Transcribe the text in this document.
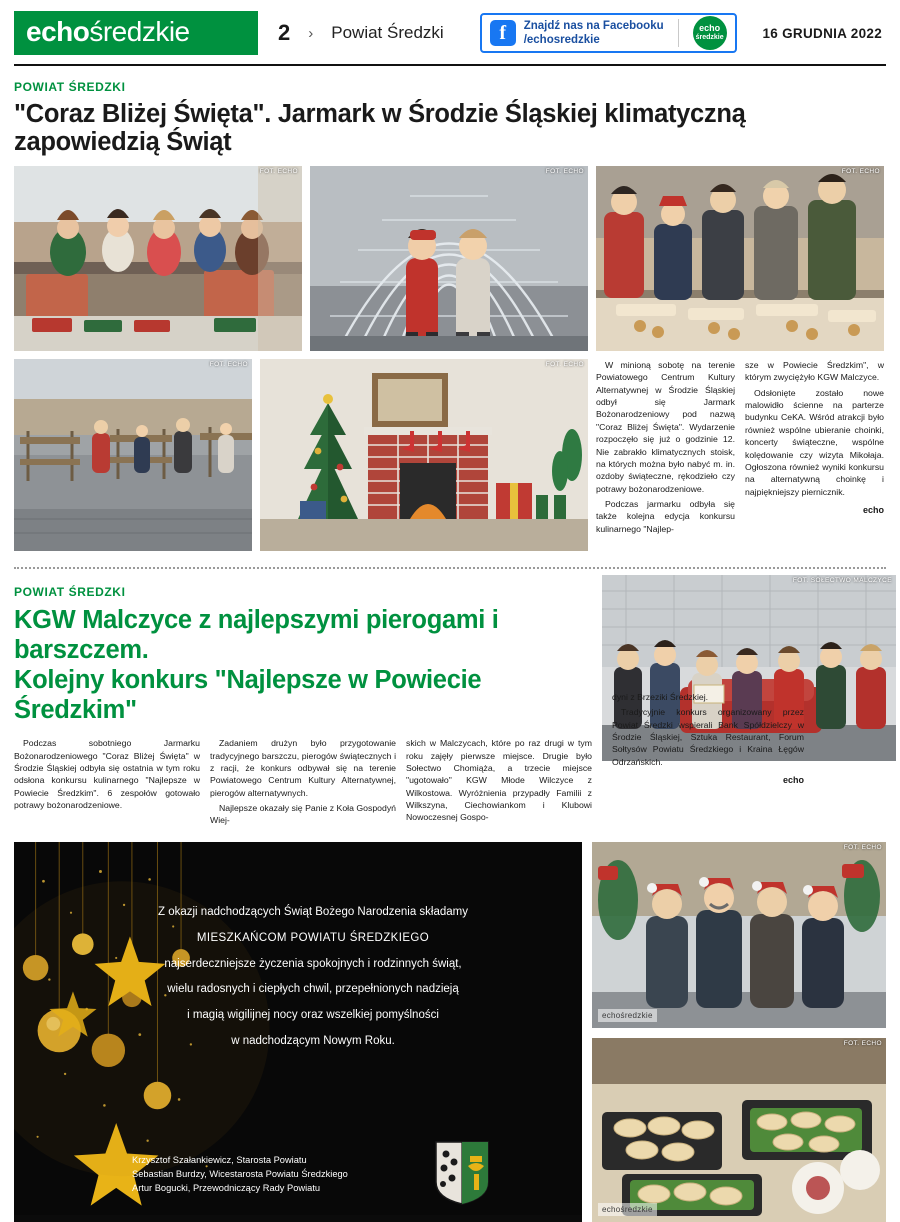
echośredzkie	2 › Powiat Średzki	f	Znajdź nas na Facebooku
/echosredzkie
echo
średzkie	16 GRUDNIA 2022
POWIAT ŚREDZKI
"Coraz Bliżej Święta". Jarmark w Środzie Śląskiej klimatyczną zapowiedzią Świąt
FOT. ECHO	FOT. ECHO	FOT. ECHO
FOT. ECHO	FOT. ECHO	W minioną sobotę na terenie Powiatowego Centrum Kultury Alternatywnej w Środzie Śląskiej odbył się Jarmark Bożonarodzeniowy pod nazwą "Coraz Bliżej Święta". Wydarzenie rozpoczęło się już o godzinie 12. Nie zabrakło klimatycznych stoisk, na których można było nabyć m. in. ozdoby świąteczne, rękodzieło czy potrawy bożonarodzeniowe.

Podczas jarmarku odbyła się także kolejna edycja konkursu kulinarnego "Najlep-

sze w Powiecie Średzkim", w którym zwyciężyło KGW Malczyce.

Odsłonięte zostało nowe malowidło ścienne na parterze budynku CeKA. Wśród atrakcji było również wspólne ubieranie choinki, koncerty świąteczne, wspólne kolędowanie czy wizyta Mikołaja. Ogłoszona również wyniki konkursu na alternatywną choinkę i najpiękniejszy piernicznik.

echo
POWIAT ŚREDZKI
KGW Malczyce z najlepszymi pierogami i barszczem.
Kolejny konkurs "Najlepsze w Powiecie Średzkim"

Podczas sobotniego Jarmarku Bożonarodzeniowego "Coraz Bliżej Święta" w Środzie Śląskiej odbyła się ostatnia w tym roku odsłona konkursu kulinarnego "Najlepsze w Powiecie Średzkim". 6 zespołów gotowało potrawy bożonarodzeniowe.

Zadaniem drużyn było przygotowanie tradycyjnego barszczu, pierogów świątecznych i z racji, że konkurs odbywał się na terenie Powiatowego Centrum Kultury Alternatywnej, pierogów alternatywnych.

Najlepsze okazały się Panie z Koła Gospodyń Wiej-

skich w Malczycach, które po raz drugi w tym roku zajęły pierwsze miejsce. Drugie było Sołectwo Chomiąża, a trzecie miejsce "ugotowało" KGW Młode Wilczyce z Wilkostowa. Wyróżnienia przypadły Familii z Wilkszyna, Ciechowiankom i Klubowi Nowoczesnej Gospo-

FOT. SOŁECTWO MALCZYCE

dyni z Brzeziki Średzkiej.

Tradycyjnie konkurs organizowany przez Powiat Średzki wspierali Bank Spółdzielczy w Środzie Śląskiej, Sztuka Restaurant, Forum Sołtysów Powiatu Średzkiego i Kraina Łęgów Odrzańskich.

echo
Z okazji nadchodzących Świąt Bożego Narodzenia składamy
MIESZKAŃCOM POWIATU ŚREDZKIEGO
najserdeczniejsze życzenia spokojnych i rodzinnych świąt,
wielu radosnych i ciepłych chwil, przepełnionych nadzieją
i magią wigilijnej nocy oraz wszelkiej pomyślności
w nadchodzącym Nowym Roku.
Krzysztof Szałankiewicz, Starosta Powiatu
Sebastian Burdzy, Wicestarosta Powiatu Średzkiego
Artur Bogucki, Przewodniczący Rady Powiatu
FOT. ECHO
echośredzkie
FOT. ECHO
echośredzkie
